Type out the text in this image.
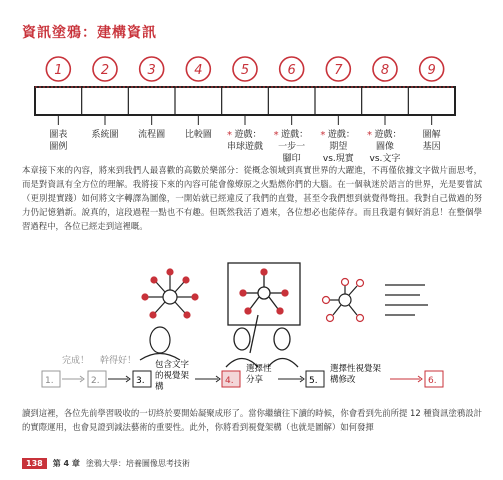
資訊塗鴉：建構資訊
1
圖表
圖例
2
系統圖
3
流程圖
4
比較圖
5
遊戲：
串球遊戲
*
6
遊戲：
一步一
腳印
*
7
遊戲：
期望
vs.現實
*
8
遊戲：
圖像
vs.文字
*
9
圖解
基因
本章接下來的內容，將來到我們人最喜歡的高數於樂部分：從概念領域到真實世界的大躍進，不再僅依據文字做片面思考，而是對資訊有全方位的理解。我將接下來的內容可能會像燎原之火點燃你們的大腦。在一個執迷於語言的世界，光是要嘗試（更別提實踐）如何將文字轉譯為圖像，一開始就已經違反了我們的直覺，甚至令我們想到就覺得彆扭。我對自己做過的努力仍記憶猶新。說真的，這段過程一點也不有趣。但既然我活了過來，各位想必也能倖存。而且我還有個好消息！在整個學習過程中，各位已經走到這裡嘅。
完成！ 幹得好！
1.	2.	3.
包含文字的視覺架構
4.
選擇性分享	5.
選擇性視覺架構修改	6.
讀到這裡，各位先前學習吸收的一切終於要開始凝聚成形了。當你繼續往下讀的時候，你會看到先前所提 12 種資訊塗鴉設計的實際運用，也會見證到減法藝術的重要性。此外，你將看到視覺架構（也就是圖解）如何發揮
138	第 4 章 塗鴉大學：培養圖像思考技術
